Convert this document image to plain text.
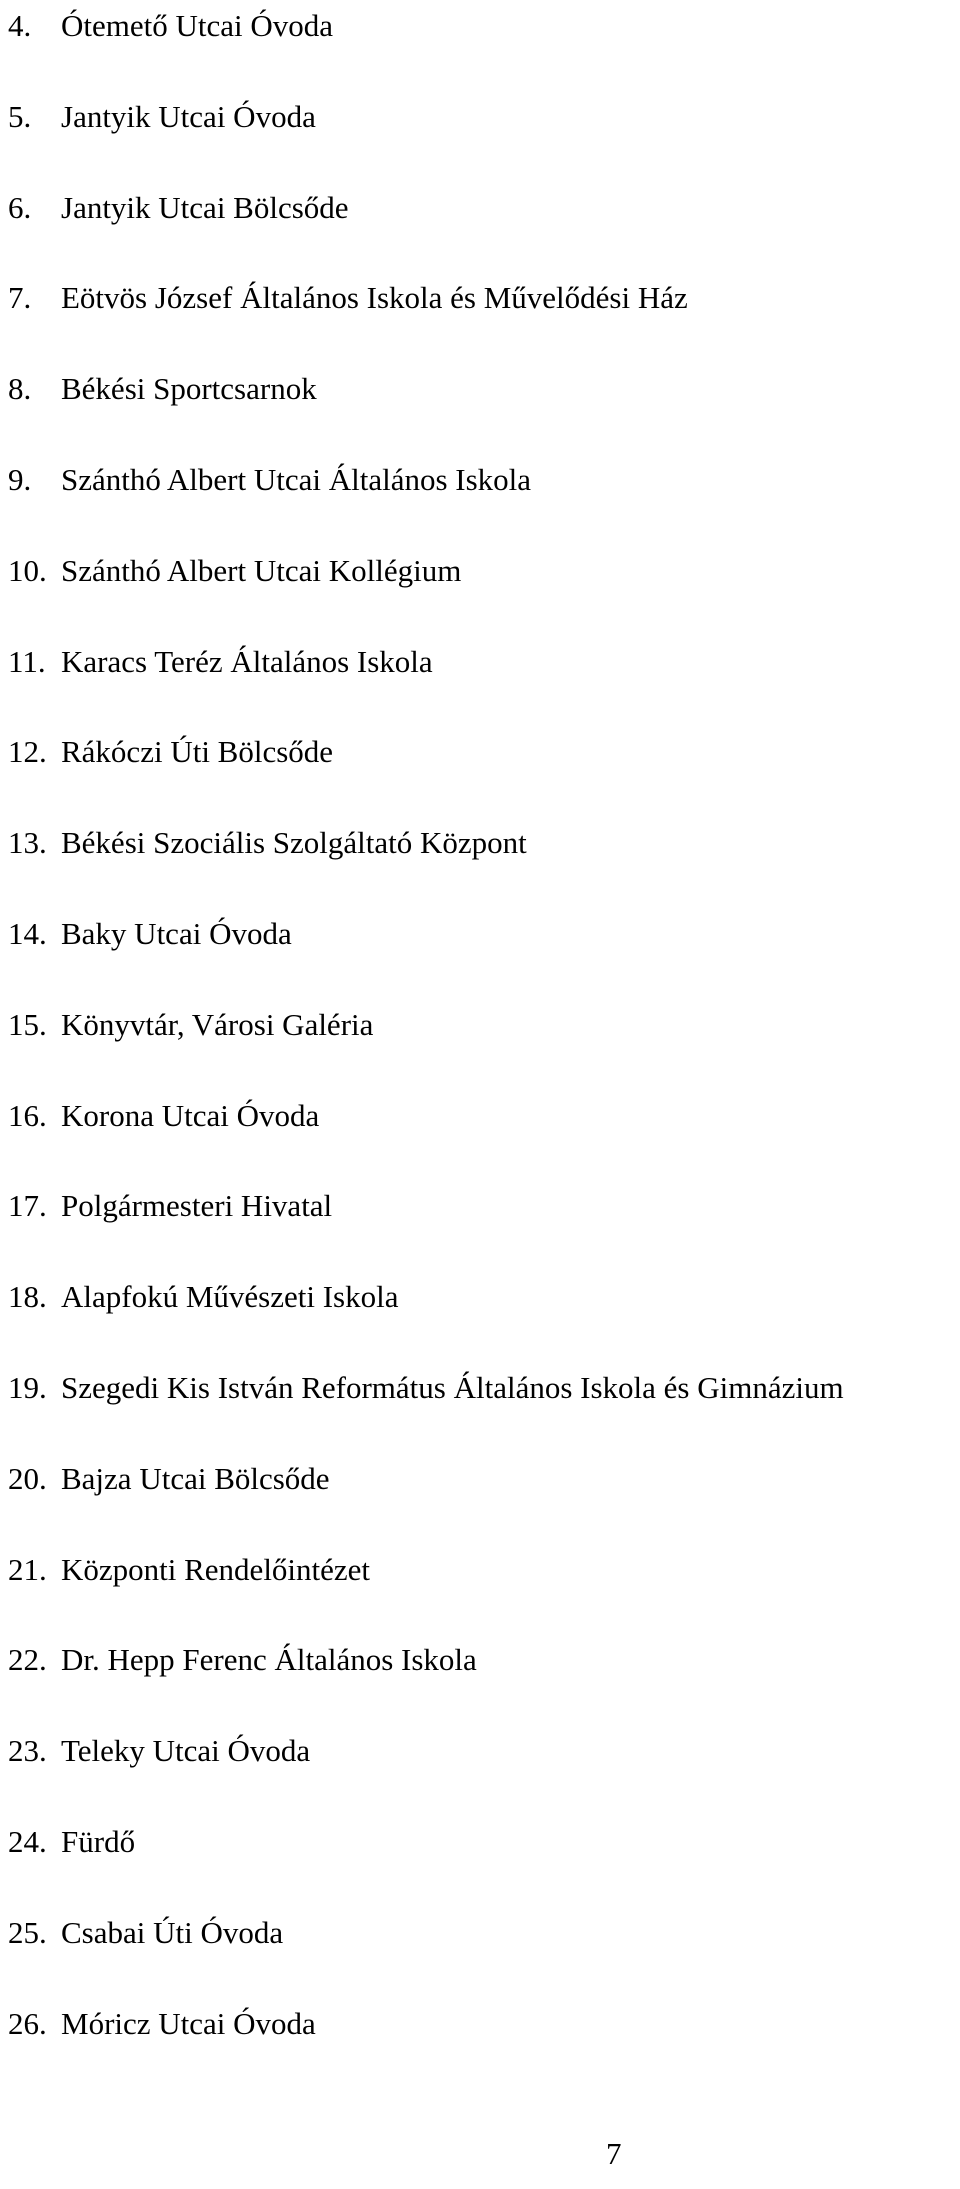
4. Ótemető Utcai Óvoda
5. Jantyik Utcai Óvoda
6. Jantyik Utcai Bölcsőde
7. Eötvös József Általános Iskola és Művelődési Ház
8. Békési Sportcsarnok
9. Szánthó Albert Utcai Általános Iskola
10. Szánthó Albert Utcai Kollégium
11. Karacs Teréz Általános Iskola
12. Rákóczi Úti Bölcsőde
13. Békési Szociális Szolgáltató Központ
14. Baky Utcai Óvoda
15. Könyvtár, Városi Galéria
16. Korona Utcai Óvoda
17. Polgármesteri Hivatal
18. Alapfokú Művészeti Iskola
19. Szegedi Kis István Református Általános Iskola és Gimnázium
20. Bajza Utcai Bölcsőde
21. Központi Rendelőintézet
22. Dr. Hepp Ferenc Általános Iskola
23. Teleky Utcai Óvoda
24. Fürdő
25. Csabai Úti Óvoda
26. Móricz Utcai Óvoda
7
